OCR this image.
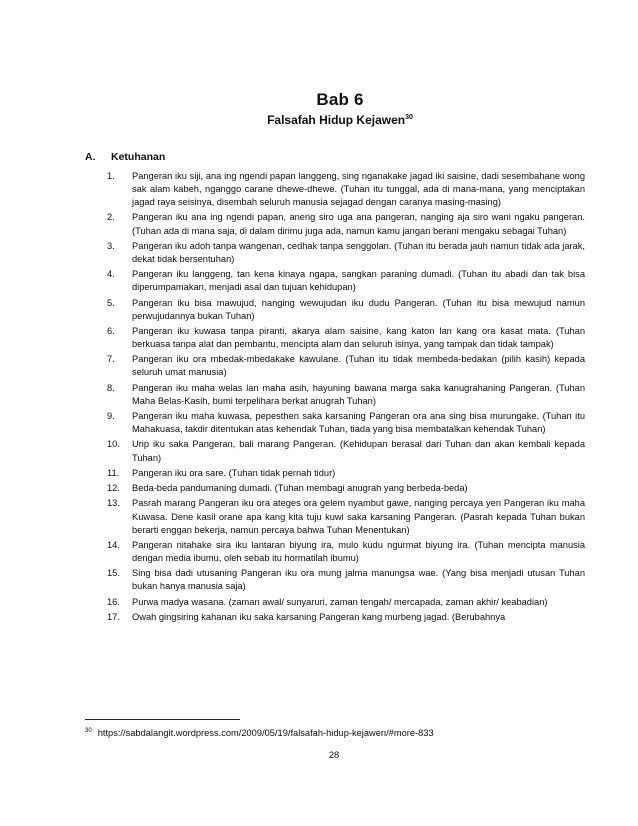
Bab 6
Falsafah Hidup Kejawen$^{30}$
A. Ketuhanan
1.	Pangeran iku siji, ana ing ngendi papan langgeng, sing nganakake jagad iki saisine, dadi sesembahane wong sak alam kabeh, nganggo carane dhewe-dhewe. (Tuhan itu tunggal, ada di mana-mana, yang menciptakan jagad raya seisinya, disembah seluruh manusia sejagad dengan caranya masing-masing)
2.	Pangeran iku ana ing ngendi papan, aneng siro uga ana pangeran, nanging aja siro wani ngaku pangeran. (Tuhan ada di mana saja, di dalam dirimu juga ada, namun kamu jangan berani mengaku sebagai Tuhan)
3.	Pangeran iku adoh tanpa wangenan, cedhak tanpa senggolan. (Tuhan itu berada jauh namun tidak ada jarak, dekat tidak bersentuhan)
4.	Pangeran iku langgeng, tan kena kinaya ngapa, sangkan paraning dumadi. (Tuhan itu abadi dan tak bisa diperumpamakan, menjadi asal dan tujuan kehidupan)
5.	Pangeran iku bisa mawujud, nanging wewujudan iku dudu Pangeran. (Tuhan itu bisa mewujud namun perwujudannya bukan Tuhan)
6.	Pangeran iku kuwasa tanpa piranti, akarya alam saisine, kang katon lan kang ora kasat mata. (Tuhan berkuasa tanpa alat dan pembantu, mencipta alam dan seluruh isinya, yang tampak dan tidak tampak)
7.	Pangeran iku ora mbedak-mbedakake kawulane. (Tuhan itu tidak membeda-bedakan (pilih kasih) kepada seluruh umat manusia)
8.	Pangeran iku maha welas lan maha asih, hayuning bawana marga saka kanugrahaning Pangeran. (Tuhan Maha Belas-Kasih, bumi terpelihara berkat anugrah Tuhan)
9.	Pangeran iku maha kuwasa, pepesthen saka karsaning Pangeran ora ana sing bisa murungake. (Tuhan itu Mahakuasa, takdir ditentukan atas kehendak Tuhan, tiada yang bisa membatalkan kehendak Tuhan)
10.	Urip iku saka Pangeran, bali marang Pangeran. (Kehidupan berasal dari Tuhan dan akan kembali kepada Tuhan)
11.	Pangeran iku ora sare. (Tuhan tidak pernah tidur)
12.	Beda-beda pandumaning dumadi. (Tuhan membagi anugrah yang berbeda-beda)
13.	Pasrah marang Pangeran iku ora ateges ora gelem nyambut gawe, nanging percaya yen Pangeran iku maha Kuwasa. Dene kasil orane apa kang kita tuju kuwi saka karsaning Pangeran. (Pasrah kepada Tuhan bukan berarti enggan bekerja, namun percaya bahwa Tuhan Menentukan)
14.	Pangeran nitahake sira iku lantaran biyung ira, mulo kudu ngurmat biyung ira. (Tuhan mencipta manusia dengan media ibumu, oleh sebab itu hormatilah ibumu)
15.	Sing bisa dadi utusaning Pangeran iku ora mung jalma manungsa wae. (Yang bisa menjadi utusan Tuhan bukan hanya manusia saja)
16.	Purwa madya wasana. (zaman awal/ sunyaruri, zaman tengah/ mercapada, zaman akhir/ keabadian)
17.	Owah gingsiring kahanan iku saka karsaning Pangeran kang murbeng jagad. (Berubahnya
$^{30}$ https://sabdalangit.wordpress.com/2009/05/19/falsafah-hidup-kejawen/#more-833
28
